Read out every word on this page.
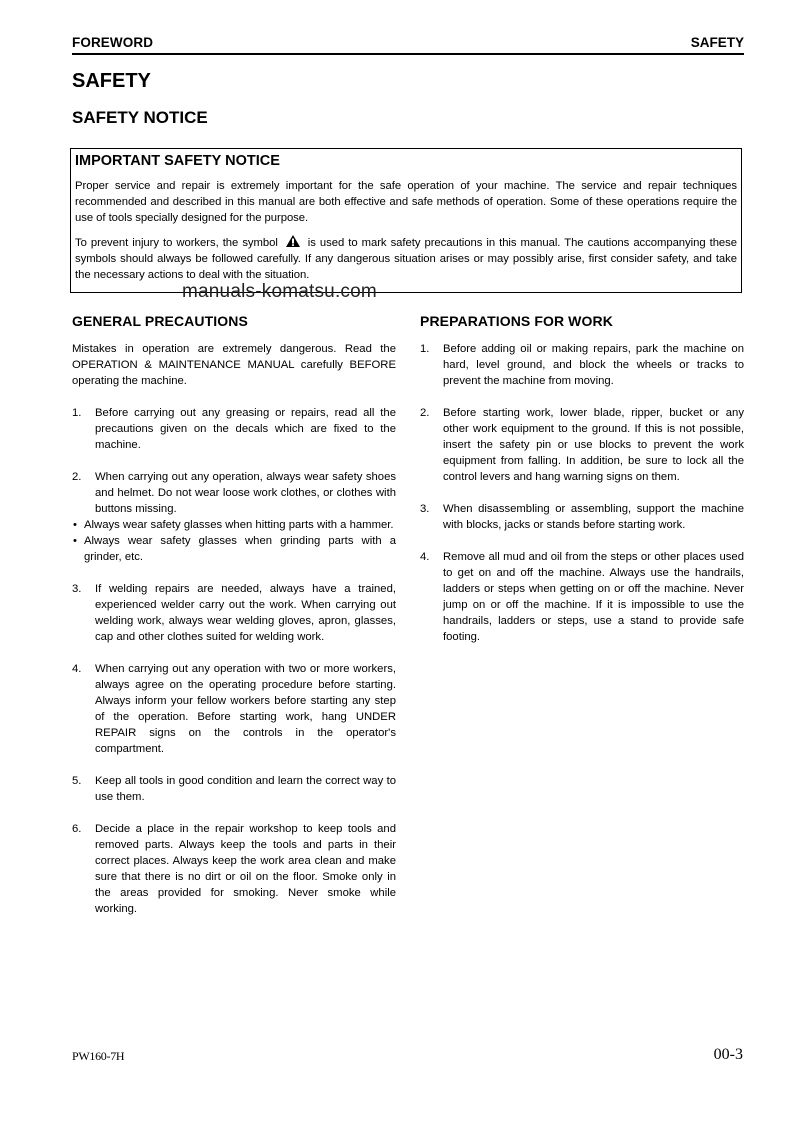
FOREWORD	SAFETY
SAFETY
SAFETY NOTICE
IMPORTANT SAFETY NOTICE

Proper service and repair is extremely important for the safe operation of your machine. The service and repair techniques recommended and described in this manual are both effective and safe methods of operation. Some of these operations require the use of tools specially designed for the purpose.

To prevent injury to workers, the symbol	is used to mark safety precautions in this manual. The cautions accompanying these symbols should always be followed carefully. If any dangerous situation arises or may possibly arise, first consider safety, and take the necessary actions to deal with the situation.

manuals-komatsu.com
GENERAL PRECAUTIONS

Mistakes in operation are extremely dangerous. Read the OPERATION & MAINTENANCE MANUAL carefully BEFORE operating the machine.

1. Before carrying out any greasing or repairs, read all the precautions given on the decals which are fixed to the machine.
2. When carrying out any operation, always wear safety shoes and helmet. Do not wear loose work clothes, or clothes with buttons missing.
• Always wear safety glasses when hitting parts with a hammer.
• Always wear safety glasses when grinding parts with a grinder, etc.
3. If welding repairs are needed, always have a trained, experienced welder carry out the work. When carrying out welding work, always wear welding gloves, apron, glasses, cap and other clothes suited for welding work.
4. When carrying out any operation with two or more workers, always agree on the operating procedure before starting. Always inform your fellow workers before starting any step of the operation. Before starting work, hang UNDER REPAIR signs on the controls in the operator's compartment.
5. Keep all tools in good condition and learn the correct way to use them.
6. Decide a place in the repair workshop to keep tools and removed parts. Always keep the tools and parts in their correct places. Always keep the work area clean and make sure that there is no dirt or oil on the floor. Smoke only in the areas provided for smoking. Never smoke while working.
PREPARATIONS FOR WORK
1. Before adding oil or making repairs, park the machine on hard, level ground, and block the wheels or tracks to prevent the machine from moving.
2. Before starting work, lower blade, ripper, bucket or any other work equipment to the ground. If this is not possible, insert the safety pin or use blocks to prevent the work equipment from falling. In addition, be sure to lock all the control levers and hang warning signs on them.
3. When disassembling or assembling, support the machine with blocks, jacks or stands before starting work.
4. Remove all mud and oil from the steps or other places used to get on and off the machine. Always use the handrails, ladders or steps when getting on or off the machine. Never jump on or off the machine. If it is impossible to use the handrails, ladders or steps, use a stand to provide safe footing.
PW160-7H	00-3
